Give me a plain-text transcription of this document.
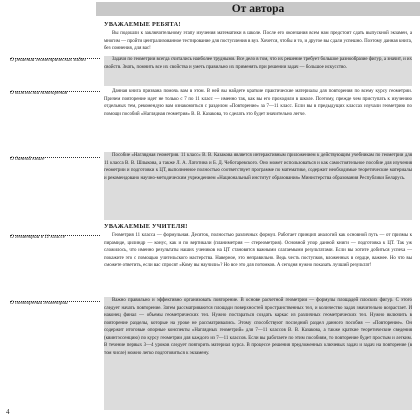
От автора
УВАЖАЕМЫЕ РЕБЯТА!

Вы подошли к заключительному этапу изучения математики в школе. После его окончания всем нам предстоит сдать выпускной экзамен, а многим — пройти централизованное тестирование для поступления в вуз. Хочется, чтобы и то, и другое вы сдали успешно. Поэтому данная книга, без сомнения, для вас!

О решении геометрических задач	Задачи по геометрии всегда считались наиболее трудными. Все дело в том, что их решение требует большое разнообразие фигур, а значит, и их свойств. Знать, помнить все их свойства и уметь правильно их применять при решении задач — большое искусство.

О важности повторения	Данная книга призвана помочь вам в этом. В ней вы найдете краткие практические материалы для повторения по всему курсу геометрии. Причем повторение идет не только с 7 по 11 класс — именно так, как вы его проходили в школе. Поэтому, прежде чем приступать к изучению отдельных тем, рекомендую вам ознакомиться с разделом «Повторение» за 7—11 класс. Если вы в предыдущих классах изучали геометрию по помощи пособий «Наглядная геометрия» В. В. Казакова, то сделать это будет значительно легче.

О данной книге

Пособие «Наглядная геометрия. 11 класс» В. В. Казакова является интерактивным приложением к действующим учебникам по геометрии для 11 класса В. В. Шлыкова, а также Л. А. Латотина и Б. Д. Чеботаревского. Оно может использоваться и как самостоятельное пособие для изучения геометрии и подготовки к ЦТ, выполненное полностью соответствует программе по математике, содержит необходимые теоретические материалы и рекомендовано научно-методическим учреждением «Национальный институт образования» Министерства образования Республики Беларусь.

УВАЖАЕМЫЕ УЧИТЕЛЯ!
О геометрии в 11 классе	Геометрия 11 класса — формульная. Десяток, полностью различных формул. Работает принцип аналогий как основной путь — от призмы к пирамиде, цилиндр — конус, как и по вертикали (планиметрия — стереометрия). Основной упор данной книги — подготовка к ЦТ. Так уж сложилось, что именно результаты наших учеников на ЦТ становятся важными слагаемыми результатами. Если вы хотите добиться успеха — покажите это с помощью учительского мастерства. Наверное, это неправильно. Ведь честь поступков, вложенных в сердце, важнее. Но что вы сможете ответить, если вас спросят «Кому вы научили»? Но все это для потомков. А сегодня нужно показать лучший результат!

О повторении геометрии	Важно правильно и эффективно организовать повторение. В основе расчетной геометрии — формулы площадей плоских фигур. С этого следует начать повторение. Затем рассматриваются площади поверхностей пространственных тел, и количество задач значительно возрастает. И наконец финал — объемы геометрических тел. Нужно постараться создать каркас из различных геометрических тел. Нужно включить в повторение разделы, которые на уроке не рассматривались. Этому способствуют последний раздел данного пособия — «Повторение». Он содержит итоговые опорные конспекты «Наглядных геометрий» для 7—11 классов В. В. Казакова, а также краткие теоретические сведения (квинтэссенцию) по курсу геометрии для каждого из 7—11 классов. Если вы работаете по этим пособиям, то повторение будет простым и легким. В течение первых 3—4 уроков следует повторить материал курса. В процессе решения предложенных ключевых задач и задач на повторение (в том числе) можно легко подготовиться к экзамену.

4
